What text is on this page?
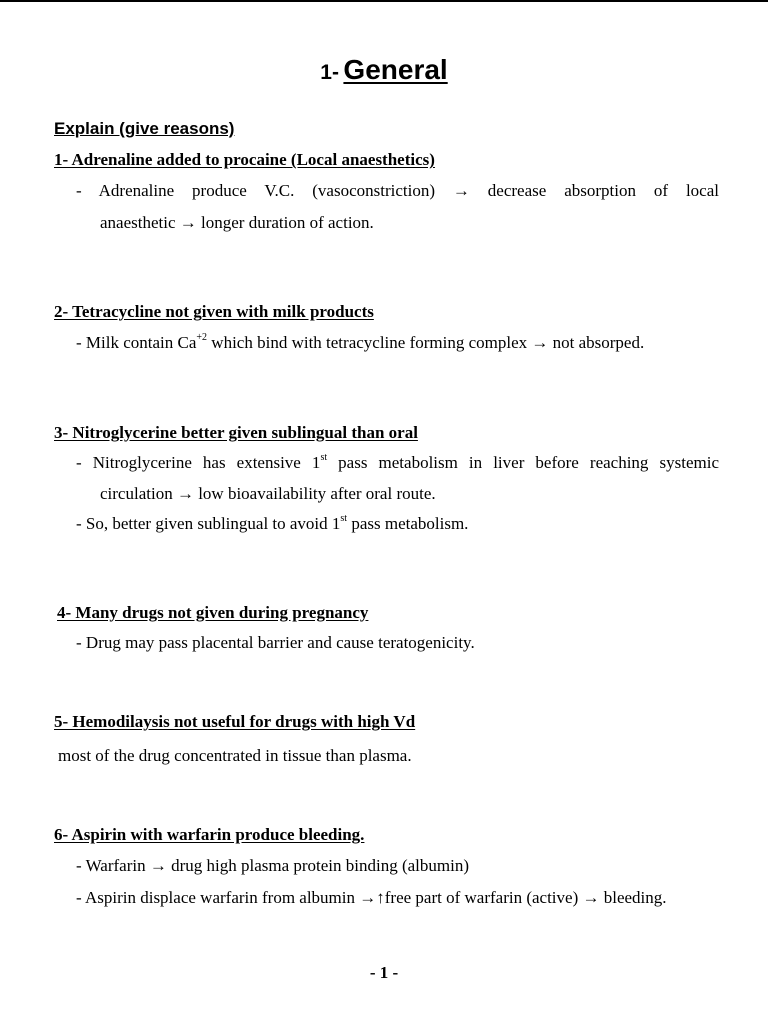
1- General
Explain (give reasons)
1- Adrenaline added to procaine (Local anaesthetics)
- Adrenaline produce V.C. (vasoconstriction) → decrease absorption of local
anaesthetic → longer duration of action.
2- Tetracycline not given with milk products
- Milk contain $Ca^{+2}$ which bind with tetracycline forming complex → not absorped.
3- Nitroglycerine better given sublingual than oral
- Nitroglycerine has extensive 1st pass metabolism in liver before reaching systemic
circulation → low bioavailability after oral route.
- So, better given sublingual to avoid 1st pass metabolism.
4- Many drugs not given during pregnancy
- Drug may pass placental barrier and cause teratogenicity.
5- Hemodilaysis not useful for drugs with high Vd
most of the drug concentrated in tissue than plasma.
6- Aspirin with warfarin produce bleeding.
- Warfarin → drug high plasma protein binding (albumin)
- Aspirin displace warfarin from albumin →↑free part of warfarin (active) → bleeding.
- 1 -
